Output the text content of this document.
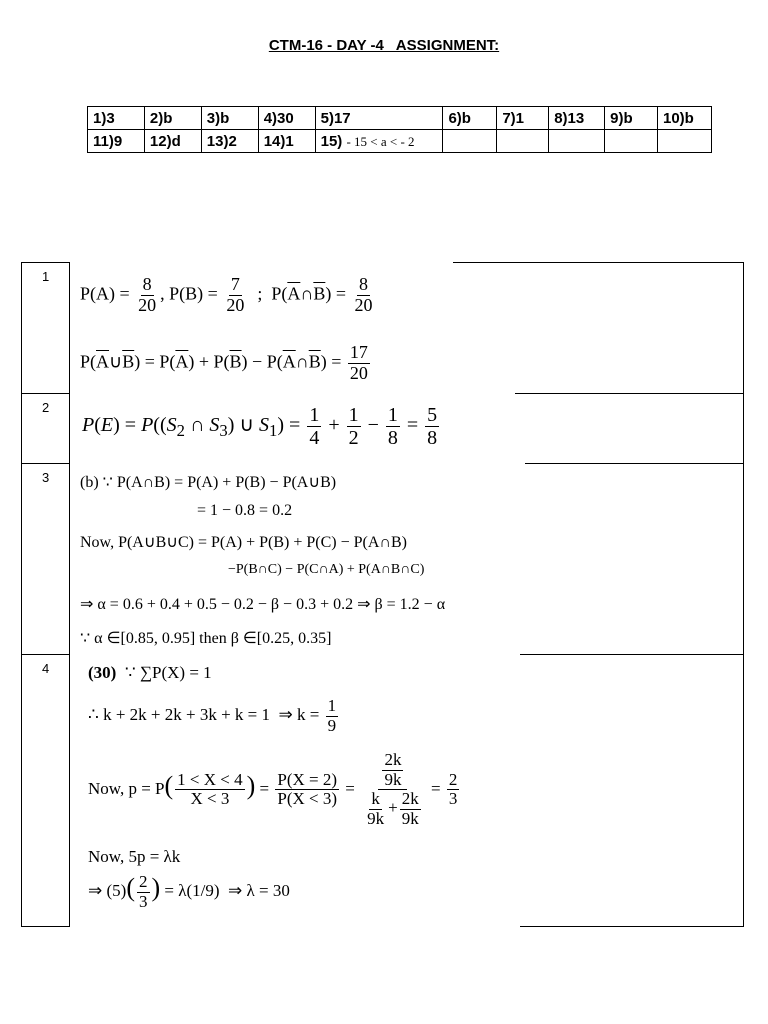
CTM-16 - DAY -4_ ASSIGNMENT:
1)3	2)b	3)b	4)30	5)17	6)b	7)1	8)13	9)b	10)b
11)9	12)d	13)2	14)1	15) - 15 < a < - 2					
1
$P(A) = \frac{8}{20}$ , $P(B) = \frac{7}{20}$ ;  $P(\overline{A}\cap\overline{B}) = \frac{8}{20}$
$P(\overline{A}\cup\overline{B}) = P(\overline{A}) + P(\overline{B})$ − $P(\overline{A}\cap\overline{B}) = \frac{17}{20}$
2
$P(E) = P((S_2$ ∩ $S_3$) ∪ $S_1) = \frac{1}{4} + \frac{1}{2} - \frac{1}{8} = \frac{5}{8}$
3 (b) ∵ P(A∩B) = P(A) + P(B) − P(A∪B)
= 1 − 0.8 = 0.2
Now, P(A∪B∪C) = P(A) + P(B) + P(C) − P(A∩B)
−P(B∩C) − P(C∩A) + P(A∩B∩C)
⇒ α = 0.6 + 0.4 + 0.5 − 0.2 − β − 0.3 + 0.2 ⇒ β = 1.2 − α
∵ α ∈[0.85, 0.95] then β ∈[0.25, 0.35]
4 (30)  ∵ ∑P(X) = 1
∴ k + 2k + 2k + 3k + k = 1  ⇒ $k = \frac{1}{9}$
Now, $p = P( \frac{1 < X < 4}{X < 3}$ ) = $\frac{P(X = 2)}{P(X < 3)} = \frac{\frac{2k}{9k}}{\frac{k}{9k} + \frac{2k}{9k}} = \frac{2}{3}$
Now, 5p = λk
⇒ $(5)( \frac{2}{3}$ ) = λ(1/9)  ⇒ λ = 30
